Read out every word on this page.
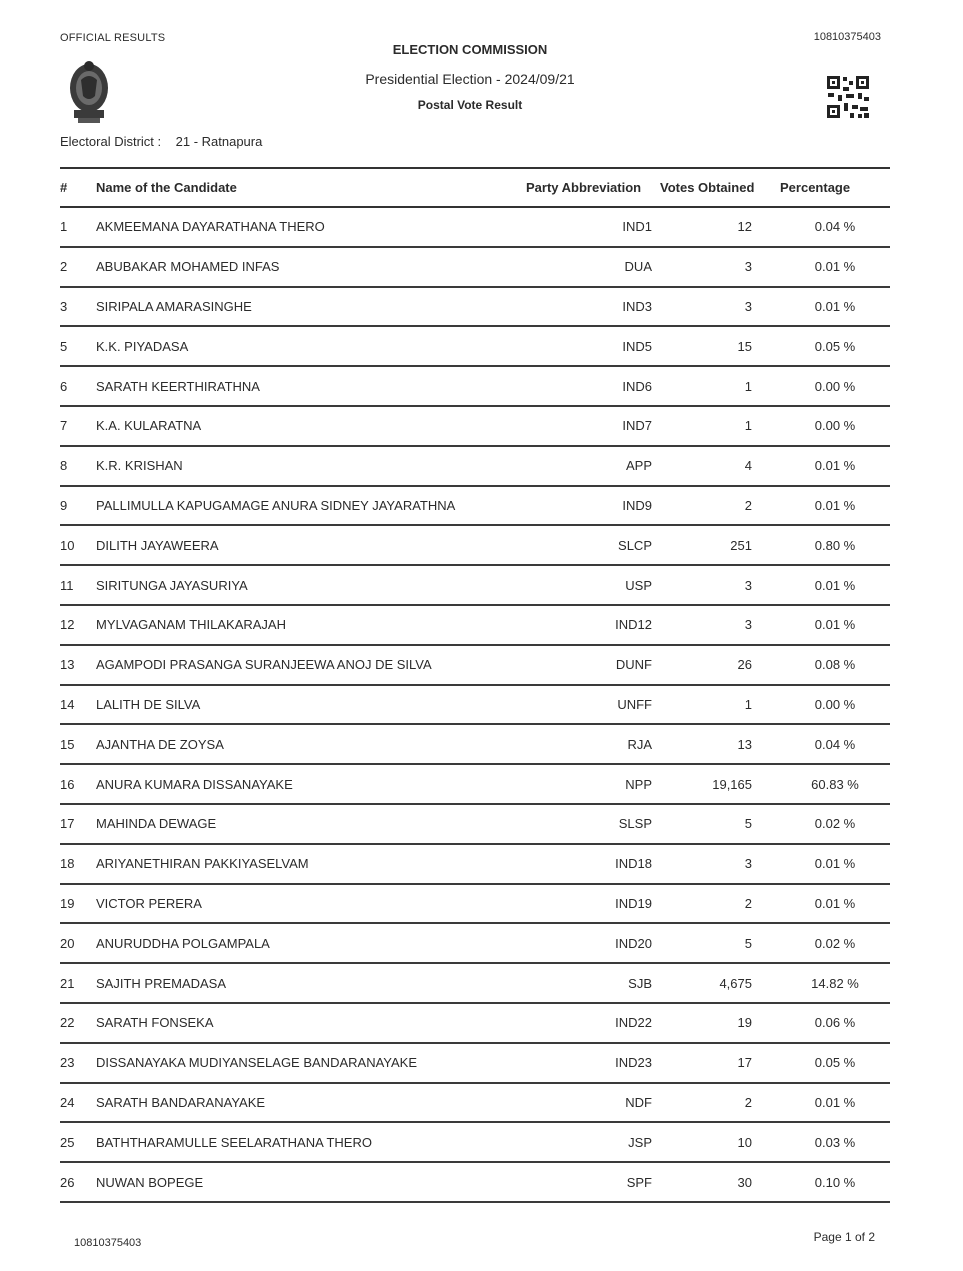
OFFICIAL RESULTS	10810375403
ELECTION COMMISSION
Presidential Election - 2024/09/21
Postal Vote Result
Electoral District : 21 - Ratnapura
#	Name of the Candidate	Party Abbreviation	Votes Obtained	Percentage
1	AKMEEMANA DAYARATHANA THERO	IND1	12	0.04 %
2	ABUBAKAR MOHAMED INFAS	DUA	3	0.01 %
3	SIRIPALA AMARASINGHE	IND3	3	0.01 %
5	K.K. PIYADASA	IND5	15	0.05 %
6	SARATH KEERTHIRATHNA	IND6	1	0.00 %
7	K.A. KULARATNA	IND7	1	0.00 %
8	K.R. KRISHAN	APP	4	0.01 %
9	PALLIMULLA KAPUGAMAGE ANURA SIDNEY JAYARATHNA	IND9	2	0.01 %
10	DILITH JAYAWEERA	SLCP	251	0.80 %
11	SIRITUNGA JAYASURIYA	USP	3	0.01 %
12	MYLVAGANAM THILAKARAJAH	IND12	3	0.01 %
13	AGAMPODI PRASANGA SURANJEEWA ANOJ DE SILVA	DUNF	26	0.08 %
14	LALITH DE SILVA	UNFF	1	0.00 %
15	AJANTHA DE ZOYSA	RJA	13	0.04 %
16	ANURA KUMARA DISSANAYAKE	NPP	19,165	60.83 %
17	MAHINDA DEWAGE	SLSP	5	0.02 %
18	ARIYANETHIRAN PAKKIYASELVAM	IND18	3	0.01 %
19	VICTOR PERERA	IND19	2	0.01 %
20	ANURUDDHA POLGAMPALA	IND20	5	0.02 %
21	SAJITH PREMADASA	SJB	4,675	14.82 %
22	SARATH FONSEKA	IND22	19	0.06 %
23	DISSANAYAKA MUDIYANSELAGE BANDARANAYAKE	IND23	17	0.05 %
24	SARATH BANDARANAYAKE	NDF	2	0.01 %
25	BATHTHARAMULLE SEELARATHANA THERO	JSP	10	0.03 %
26	NUWAN BOPEGE	SPF	30	0.10 %
10810375403	Page 1 of 2
